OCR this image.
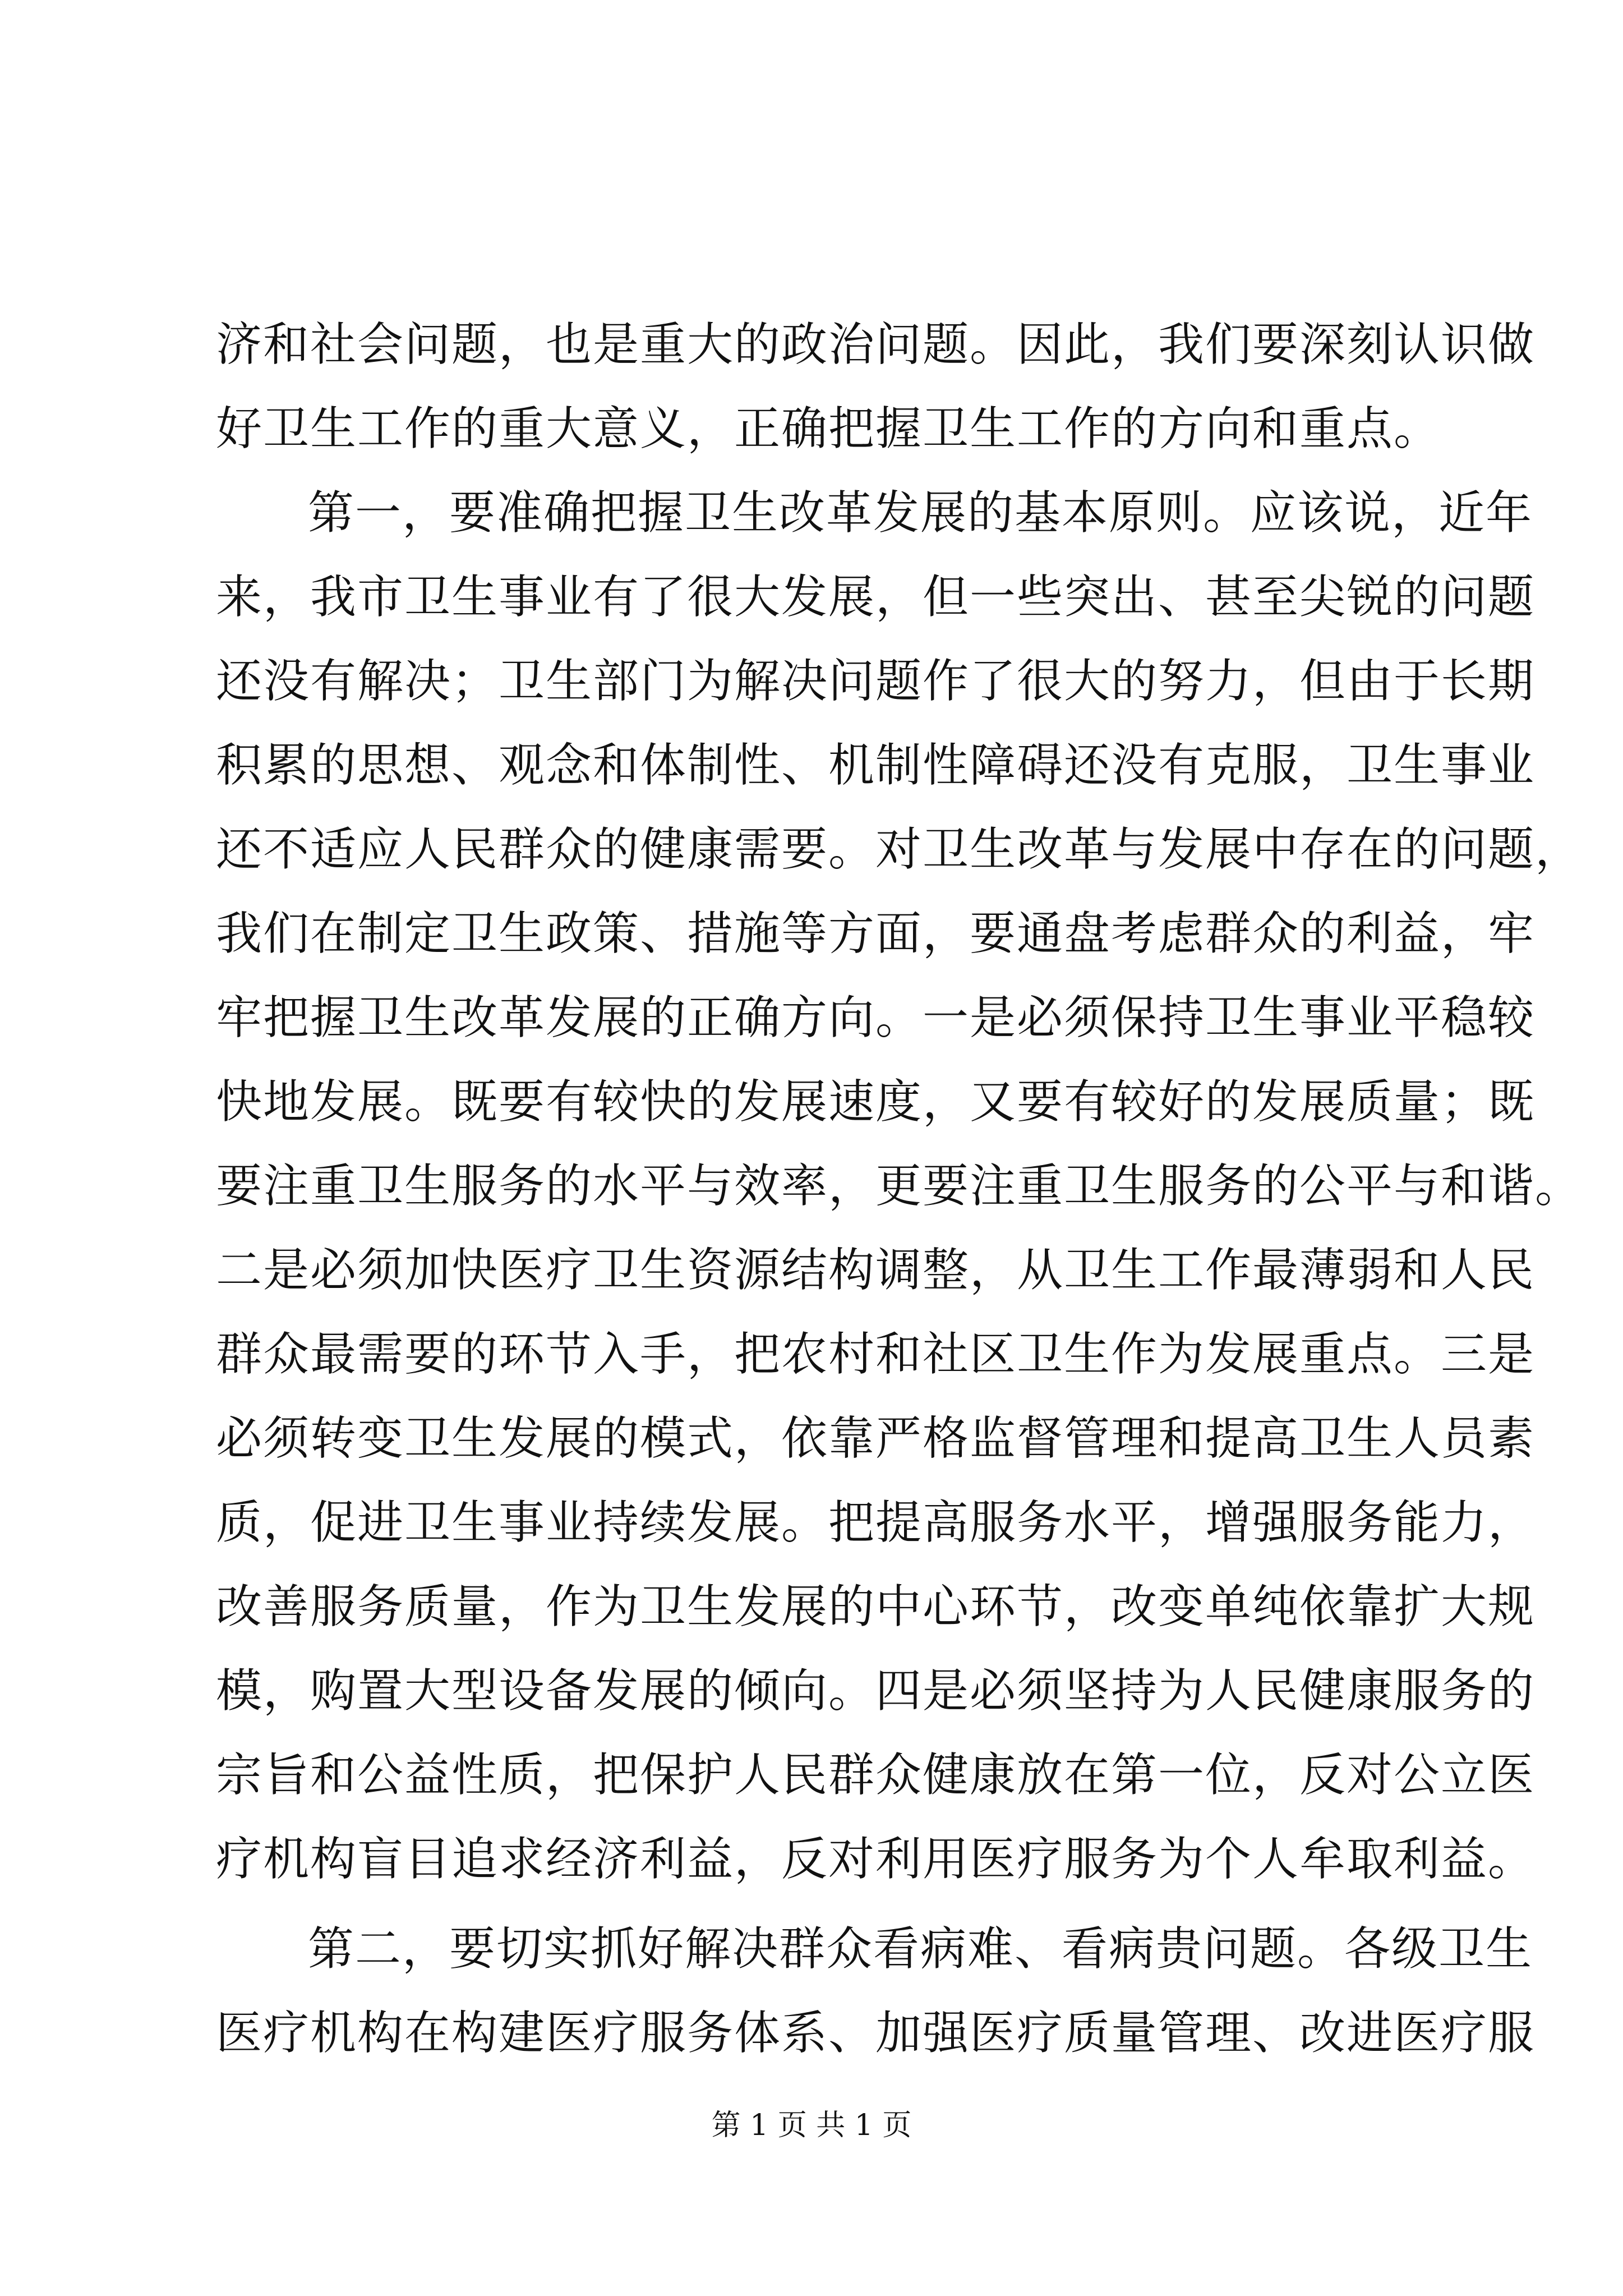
济和社会问题，也是重大的政治问题。因此，我们要深刻认识做
好卫生工作的重大意义，正确把握卫生工作的方向和重点。
第一，要准确把握卫生改革发展的基本原则。应该说，近年
来，我市卫生事业有了很大发展，但一些突出、甚至尖锐的问题
还没有解决；卫生部门为解决问题作了很大的努力，但由于长期
积累的思想、观念和体制性、机制性障碍还没有克服，卫生事业
还不适应人民群众的健康需要。对卫生改革与发展中存在的问题，
我们在制定卫生政策、措施等方面，要通盘考虑群众的利益，牢
牢把握卫生改革发展的正确方向。一是必须保持卫生事业平稳较
快地发展。既要有较快的发展速度，又要有较好的发展质量；既
要注重卫生服务的水平与效率，更要注重卫生服务的公平与和谐。
二是必须加快医疗卫生资源结构调整，从卫生工作最薄弱和人民
群众最需要的环节入手，把农村和社区卫生作为发展重点。三是
必须转变卫生发展的模式，依靠严格监督管理和提高卫生人员素
质，促进卫生事业持续发展。把提高服务水平，增强服务能力，
改善服务质量，作为卫生发展的中心环节，改变单纯依靠扩大规
模，购置大型设备发展的倾向。四是必须坚持为人民健康服务的
宗旨和公益性质，把保护人民群众健康放在第一位，反对公立医
疗机构盲目追求经济利益，反对利用医疗服务为个人牟取利益。
第二，要切实抓好解决群众看病难、看病贵问题。各级卫生
医疗机构在构建医疗服务体系、加强医疗质量管理、改进医疗服
第 1 页 共 1 页
